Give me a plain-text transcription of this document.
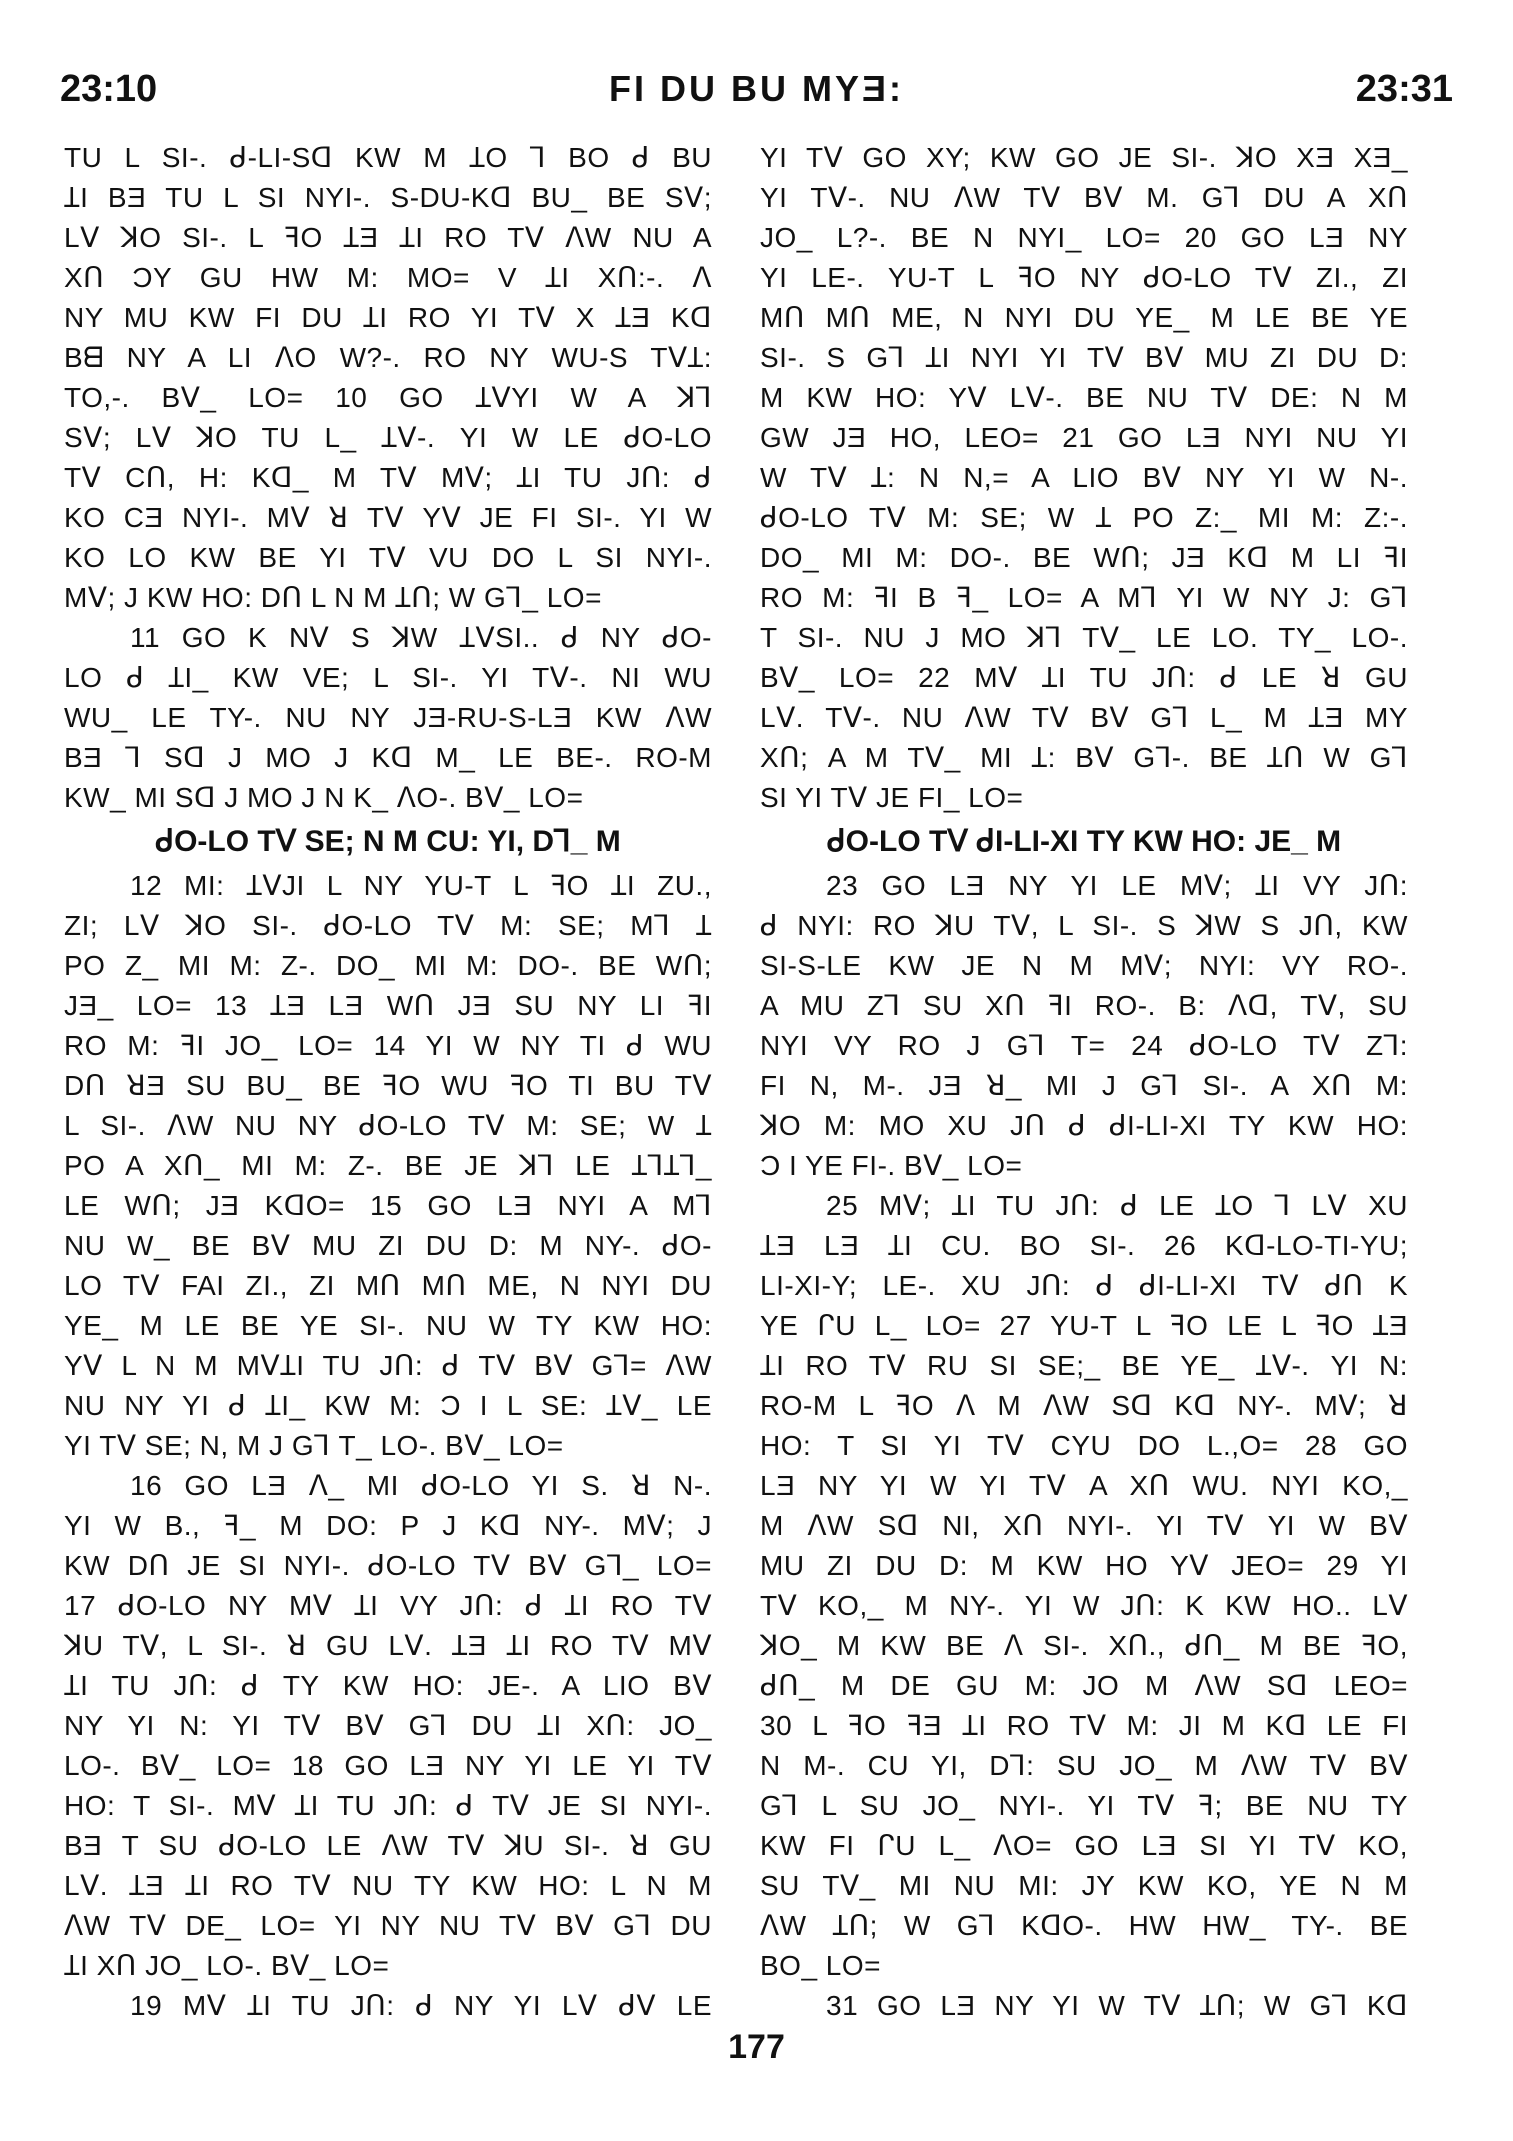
23:10	FI DU BU MYƎ:	23:31
TU L SI-. ᑯ-LI-Sᗡ KW M ꞱO ꓶ BO ᑯ BU
ꞱI BƎ TU L SI NYI-. S-DU-Kᗡ BU_ BE Sᐯ;
Lᐯ ꓘO SI-. L ꟻO ꞱƎ ꞱI RO Tᐯ ᐱW NU A
Xᑎ ƆY GU HW M: MO= V ꞱI Xᑎ:-. ᐱ
NY MU KW FI DU ꞱI RO YI Tᐯ X ꞱƎ Kᗡ
Bᗺ NY A LI ᐱO W?-. RO NY WU-S TᐯꞱ:
TO,-. Bᐯ_ LO= 10 GO ꞱᐯYI W A ꓘꓶ
Sᐯ; Lᐯ ꓘO TU L_ Ʇᐯ-. YI W LE ᑯO-LO
Tᐯ Cᑎ, H: Kᗡ_ M Tᐯ Mᐯ; ꞱI TU Jᑎ: ᑯ
KO CƎ NYI-. Mᐯ ꓤ Tᐯ Yᐯ JE FI SI-. YI W
KO LO KW BE YI Tᐯ VU DO L SI NYI-.
Mᐯ; J KW HO: Dᑎ L N M Ʇᑎ; W Gꓶ_ LO=
11 GO K Nᐯ S ꓘW ꞱᐯSI.. ᑯ NY ᑯO-
LO ᑯ ꞱI_ KW VE; L SI-. YI Tᐯ-. NI WU
WU_ LE TY-. NU NY JƎ-RU-S-LƎ KW ᐱW
BƎ ꓶ Sᗡ J MO J Kᗡ M_ LE BE-. RO-M
KW_ MI Sᗡ J MO J N K_ ᐱO-. Bᐯ_ LO=
ᑯO-LO Tᐯ SE; N M CU: YI, Dꓶ_ M
12 MI: ꞱᐯJI L NY YU-T L ꟻO ꞱI ZU.,
ZI; Lᐯ ꓘO SI-. ᑯO-LO Tᐯ M: SE; Mꓶ Ʇ
PO Z_ MI M: Z-. DO_ MI M: DO-. BE Wᑎ;
JƎ_ LO= 13 ꞱƎ LƎ Wᑎ JƎ SU NY LI ꟻI
RO M: ꟻI JO_ LO= 14 YI W NY TI ᑯ WU
Dᑎ ꓤƎ SU BU_ BE ꟻO WU ꟻO TI BU Tᐯ
L SI-. ᐱW NU NY ᑯO-LO Tᐯ M: SE; W Ʇ
PO A Xᑎ_ MI M: Z-. BE JE ꓘꓶ LE ꞱꓶꞱꓶ_
LE Wᑎ; JƎ KᗡO= 15 GO LƎ NYI A Mꓶ
NU W_ BE Bᐯ MU ZI DU D: M NY-. ᑯO-
LO Tᐯ FAI ZI., ZI Mᑎ Mᑎ ME, N NYI DU
YE_ M LE BE YE SI-. NU W TY KW HO:
Yᐯ L N M MᐯꞱI TU Jᑎ: ᑯ Tᐯ Bᐯ Gꓶ= ᐱW
NU NY YI ᑯ ꞱI_ KW M: Ɔ I L SE: Ʇᐯ_ LE
YI Tᐯ SE; N, M J Gꓶ T_ LO-. Bᐯ_ LO=
16 GO LƎ ᐱ_ MI ᑯO-LO YI S. ꓤ N-.
YI W B., ꟻ_ M DO: P J Kᗡ NY-. Mᐯ; J
KW Dᑎ JE SI NYI-. ᑯO-LO Tᐯ Bᐯ Gꓶ_ LO=
17 ᑯO-LO NY Mᐯ ꞱI VY Jᑎ: ᑯ ꞱI RO Tᐯ
ꓘU Tᐯ, L SI-. ꓤ GU Lᐯ. ꞱƎ ꞱI RO Tᐯ Mᐯ
ꞱI TU Jᑎ: ᑯ TY KW HO: JE-. A LIO Bᐯ
NY YI N: YI Tᐯ Bᐯ Gꓶ DU ꞱI Xᑎ: JO_
LO-. Bᐯ_ LO= 18 GO LƎ NY YI LE YI Tᐯ
HO: T SI-. Mᐯ ꞱI TU Jᑎ: ᑯ Tᐯ JE SI NYI-.
BƎ T SU ᑯO-LO LE ᐱW Tᐯ ꓘU SI-. ꓤ GU
Lᐯ. ꞱƎ ꞱI RO Tᐯ NU TY KW HO: L N M
ᐱW Tᐯ DE_ LO= YI NY NU Tᐯ Bᐯ Gꓶ DU
ꞱI Xᑎ JO_ LO-. Bᐯ_ LO=
19 Mᐯ ꞱI TU Jᑎ: ᑯ NY YI Lᐯ ᑯᐯ LE
YI Tᐯ GO XY; KW GO JE SI-. ꓘO XƎ XƎ_
YI Tᐯ-. NU ᐱW Tᐯ Bᐯ M. Gꓶ DU A Xᑎ
JO_ L?-. BE N NYI_ LO= 20 GO LƎ NY
YI LE-. YU-T L ꟻO NY ᑯO-LO Tᐯ ZI., ZI
Mᑎ Mᑎ ME, N NYI DU YE_ M LE BE YE
SI-. S Gꓶ ꞱI NYI YI Tᐯ Bᐯ MU ZI DU D:
M KW HO: Yᐯ Lᐯ-. BE NU Tᐯ DE: N M
GW JƎ HO, LEO= 21 GO LƎ NYI NU YI
W Tᐯ Ʇ: N N,= A LIO Bᐯ NY YI W N-.
ᑯO-LO Tᐯ M: SE; W Ʇ PO Z:_ MI M: Z:-.
DO_ MI M: DO-. BE Wᑎ; JƎ Kᗡ M LI ꟻI
RO M: ꟻI B ꟻ_ LO= A Mꓶ YI W NY J: Gꓶ
T SI-. NU J MO ꓘꓶ Tᐯ_ LE LO. TY_ LO-.
Bᐯ_ LO= 22 Mᐯ ꞱI TU Jᑎ: ᑯ LE ꓤ GU
Lᐯ. Tᐯ-. NU ᐱW Tᐯ Bᐯ Gꓶ L_ M ꞱƎ MY
Xᑎ; A M Tᐯ_ MI Ʇ: Bᐯ Gꓶ-. BE Ʇᑎ W Gꓶ
SI YI Tᐯ JE FI_ LO=
ᑯO-LO Tᐯ ᑯI-LI-XI TY KW HO: JE_ M
23 GO LƎ NY YI LE Mᐯ; ꞱI VY Jᑎ:
ᑯ NYI: RO ꓘU Tᐯ, L SI-. S ꓘW S Jᑎ, KW
SI-S-LE KW JE N M Mᐯ; NYI: VY RO-.
A MU Zꓶ SU Xᑎ ꟻI RO-. B: ᐱᗡ, Tᐯ, SU
NYI VY RO J Gꓶ T= 24 ᑯO-LO Tᐯ Zꓶ:
FI N, M-. JƎ ꓤ_ MI J Gꓶ SI-. A Xᑎ M:
ꓘO M: MO XU Jᑎ ᑯ ᑯI-LI-XI TY KW HO:
Ɔ I YE FI-. Bᐯ_ LO=
25 Mᐯ; ꞱI TU Jᑎ: ᑯ LE ꞱO ꓶ Lᐯ XU
ꞱƎ LƎ ꞱI CU. BO SI-. 26 Kᗡ-LO-TI-YU;
LI-XI-Y; LE-. XU Jᑎ: ᑯ ᑯI-LI-XI Tᐯ ᑯᑎ K
YE ᒋU L_ LO= 27 YU-T L ꟻO LE L ꟻO ꞱƎ
ꞱI RO Tᐯ RU SI SE;_ BE YE_ Ʇᐯ-. YI N:
RO-M L ꟻO ᐱ M ᐱW Sᗡ Kᗡ NY-. Mᐯ; ꓤ
HO: T SI YI Tᐯ CYU DO L.,O= 28 GO
LƎ NY YI W YI Tᐯ A Xᑎ WU. NYI KO,_
M ᐱW Sᗡ NI, Xᑎ NYI-. YI Tᐯ YI W Bᐯ
MU ZI DU D: M KW HO Yᐯ JEO= 29 YI
Tᐯ KO,_ M NY-. YI W Jᑎ: K KW HO.. Lᐯ
ꓘO_ M KW BE ᐱ SI-. Xᑎ., ᑯᑎ_ M BE ꟻO,
ᑯᑎ_ M DE GU M: JO M ᐱW Sᗡ LEO=
30 L ꟻO ꟻƎ ꞱI RO Tᐯ M: JI M Kᗡ LE FI
N M-. CU YI, Dꓶ: SU JO_ M ᐱW Tᐯ Bᐯ
Gꓶ L SU JO_ NYI-. YI Tᐯ ꟻ; BE NU TY
KW FI ᒋU L_ ᐱO= GO LƎ SI YI Tᐯ KO,
SU Tᐯ_ MI NU MI: JY KW KO, YE N M
ᐱW Ʇᑎ; W Gꓶ KᗡO-. HW HW_ TY-. BE
BO_ LO=
31 GO LƎ NY YI W Tᐯ Ʇᑎ; W Gꓶ Kᗡ
177
